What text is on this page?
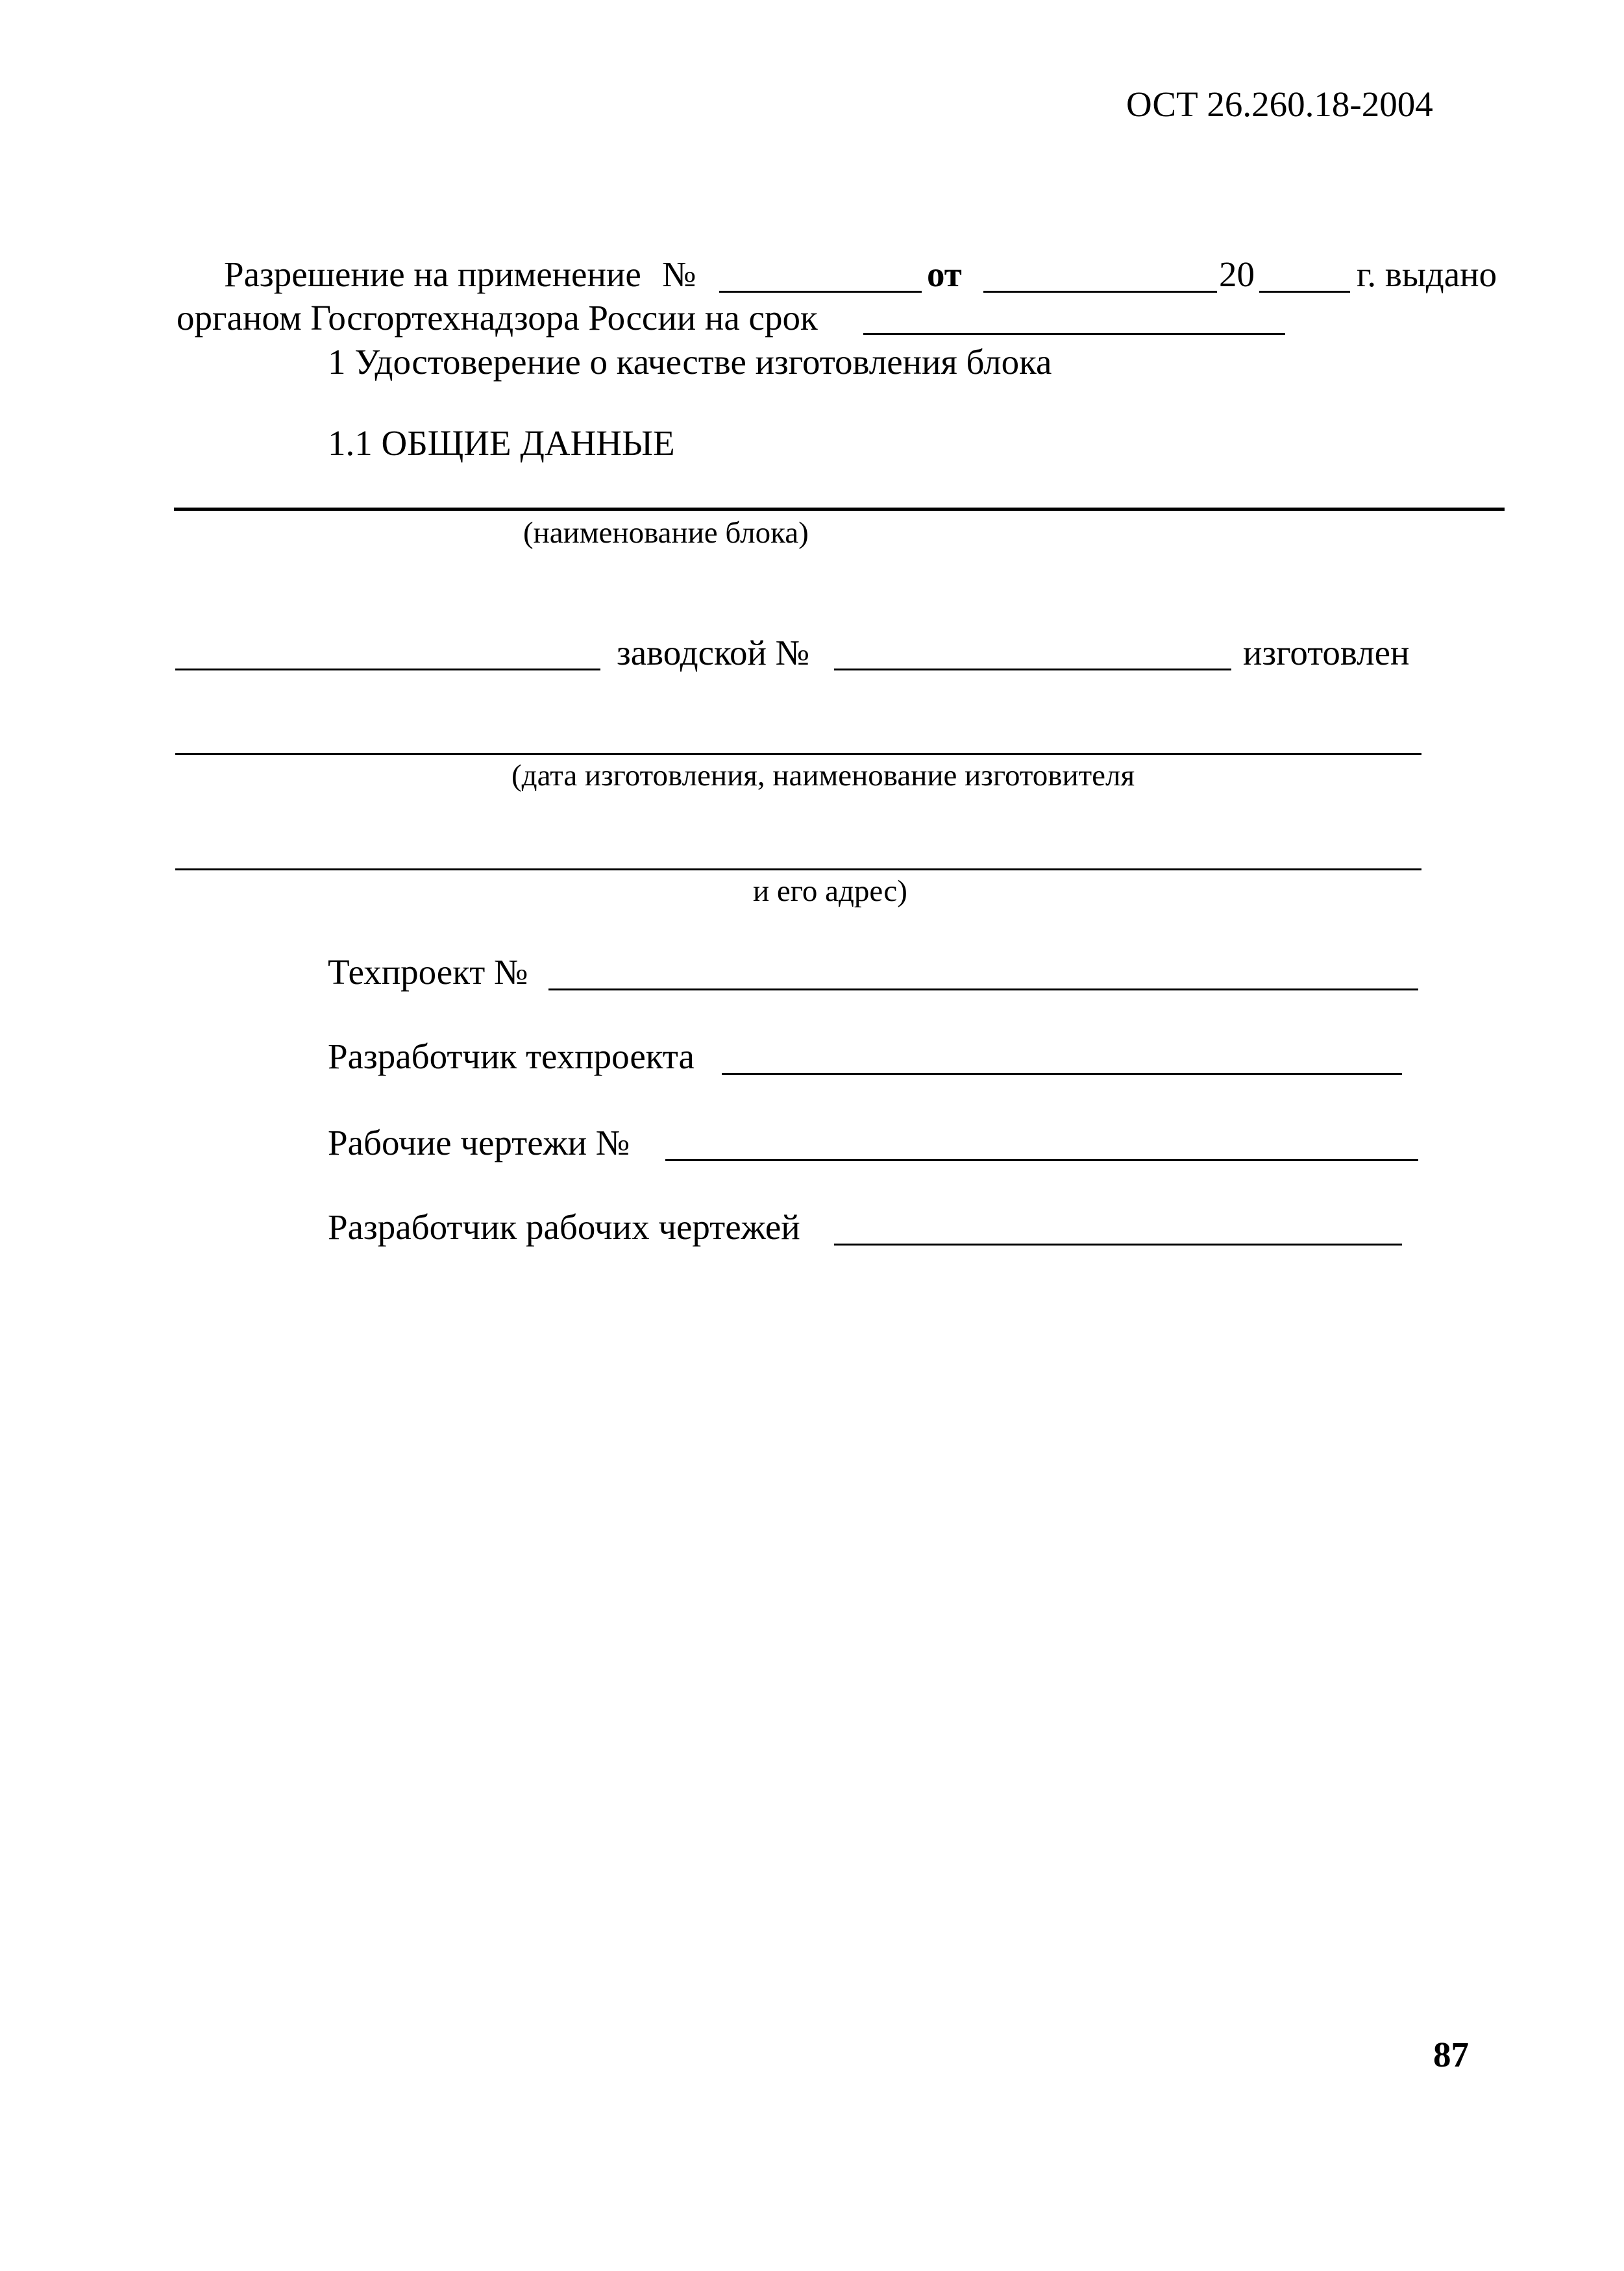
ОСТ 26.260.18-2004
Разрешение на применение №	от	20	г. выдано
органом Госгортехнадзора России на срок
1 Удостоверение о качестве изготовления блока
1.1 ОБЩИЕ ДАННЫЕ
(наименование блока)
заводской №	изготовлен
(дата изготовления, наименование изготовителя
и его адрес)
Техпроект №
Разработчик техпроекта
Рабочие чертежи №
Разработчик рабочих чертежей
87
